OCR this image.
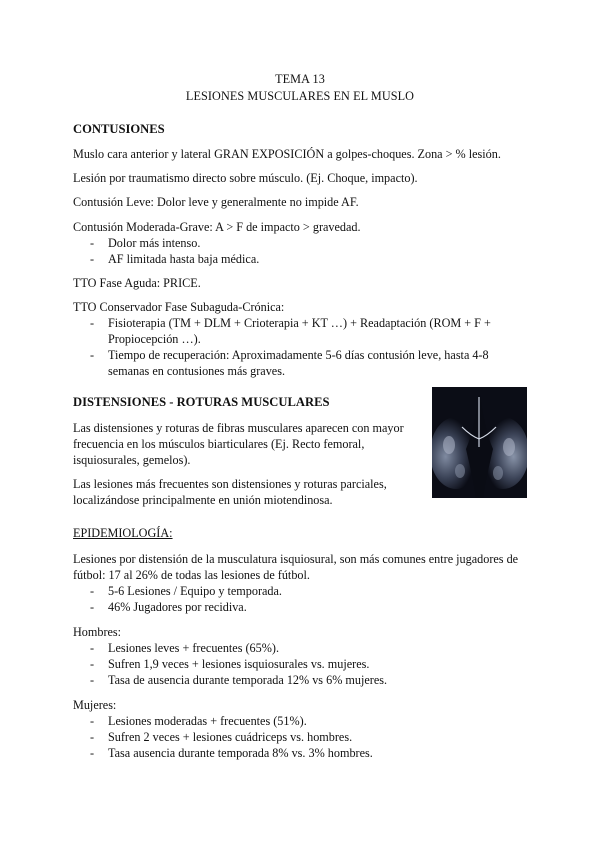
TEMA 13
LESIONES MUSCULARES EN EL MUSLO
CONTUSIONES
Muslo cara anterior y lateral GRAN EXPOSICIÓN a golpes-choques. Zona > % lesión.
Lesión por traumatismo directo sobre músculo. (Ej. Choque, impacto).
Contusión Leve: Dolor leve y generalmente no impide AF.
Contusión Moderada-Grave: A > F de impacto > gravedad.
- Dolor más intenso.
- AF limitada hasta baja médica.
TTO Fase Aguda: PRICE.
TTO Conservador Fase Subaguda-Crónica:
- Fisioterapia (TM + DLM + Crioterapia + KT …) + Readaptación (ROM + F +
Propiocepción …).
- Tiempo de recuperación: Aproximadamente 5-6 días contusión leve, hasta 4-8
semanas en contusiones más graves.
DISTENSIONES - ROTURAS MUSCULARES
Las distensiones y roturas de fibras musculares aparecen con mayor
frecuencia en los músculos biarticulares (Ej. Recto femoral,
isquiosurales, gemelos).
Las lesiones más frecuentes son distensiones y roturas parciales,
localizándose principalmente en unión miotendinosa.
EPIDEMIOLOGÍA:
Lesiones por distensión de la musculatura isquiosural, son más comunes entre jugadores de
fútbol: 17 al 26% de todas las lesiones de fútbol.
- 5-6 Lesiones / Equipo y temporada.
- 46% Jugadores por recidiva.
Hombres:
- Lesiones leves + frecuentes (65%).
- Sufren 1,9 veces + lesiones isquiosurales vs. mujeres.
- Tasa de ausencia durante temporada 12% vs 6% mujeres.
Mujeres:
- Lesiones moderadas + frecuentes (51%).
- Sufren 2 veces + lesiones cuádriceps vs. hombres.
- Tasa ausencia durante temporada 8% vs. 3% hombres.
